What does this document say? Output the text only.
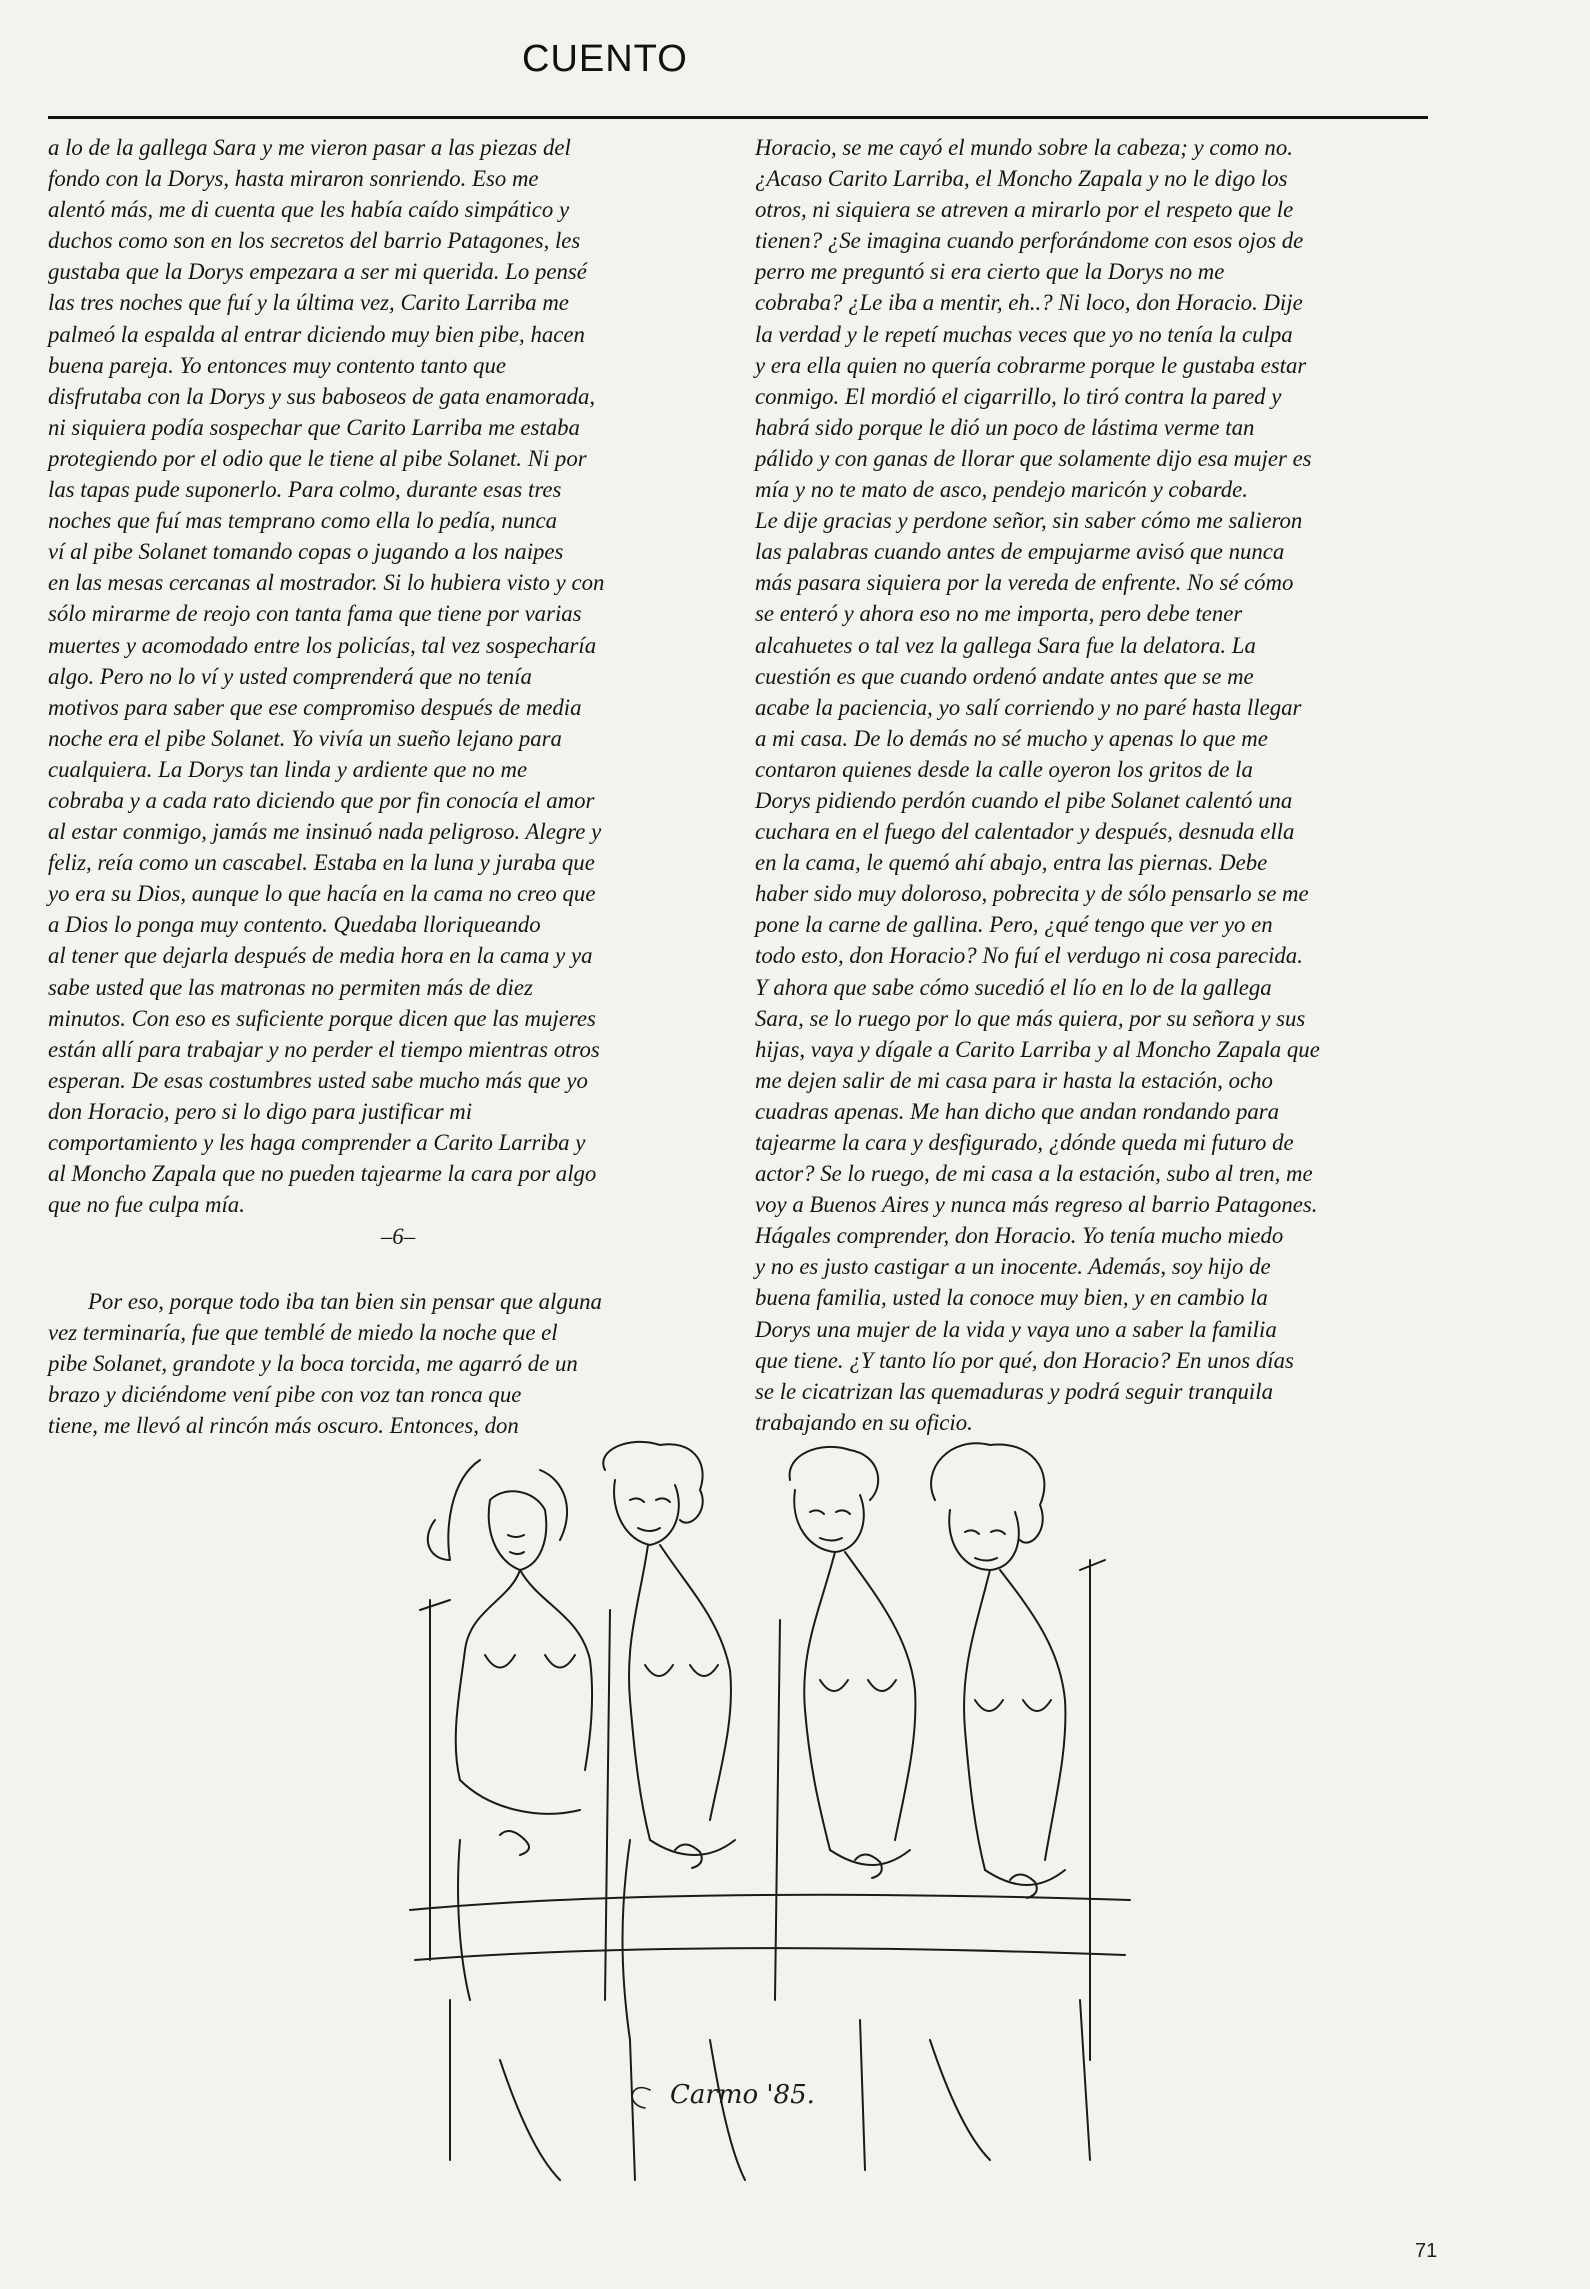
CUENTO

a lo de la gallega Sara y me vieron pasar a las piezas del
fondo con la Dorys, hasta miraron sonriendo. Eso me
alentó más, me di cuenta que les había caído simpático y
duchos como son en los secretos del barrio Patagones, les
gustaba que la Dorys empezara a ser mi querida. Lo pensé
las tres noches que fuí y la última vez, Carito Larriba me
palmeó la espalda al entrar diciendo muy bien pibe, hacen
buena pareja. Yo entonces muy contento tanto que
disfrutaba con la Dorys y sus baboseos de gata enamorada,
ni siquiera podía sospechar que Carito Larriba me estaba
protegiendo por el odio que le tiene al pibe Solanet. Ni por
las tapas pude suponerlo. Para colmo, durante esas tres
noches que fuí mas temprano como ella lo pedía, nunca
ví al pibe Solanet tomando copas o jugando a los naipes
en las mesas cercanas al mostrador. Si lo hubiera visto y con
sólo mirarme de reojo con tanta fama que tiene por varias
muertes y acomodado entre los policías, tal vez sospecharía
algo. Pero no lo ví y usted comprenderá que no tenía
motivos para saber que ese compromiso después de media
noche era el pibe Solanet. Yo vivía un sueño lejano para
cualquiera. La Dorys tan linda y ardiente que no me
cobraba y a cada rato diciendo que por fin conocía el amor
al estar conmigo, jamás me insinuó nada peligroso. Alegre y
feliz, reía como un cascabel. Estaba en la luna y juraba que
yo era su Dios, aunque lo que hacía en la cama no creo que
a Dios lo ponga muy contento. Quedaba lloriqueando
al tener que dejarla después de media hora en la cama y ya
sabe usted que las matronas no permiten más de diez
minutos. Con eso es suficiente porque dicen que las mujeres
están allí para trabajar y no perder el tiempo mientras otros
esperan. De esas costumbres usted sabe mucho más que yo
don Horacio, pero si lo digo para justificar mi
comportamiento y les haga comprender a Carito Larriba y
al Moncho Zapala que no pueden tajearme la cara por algo
que no fue culpa mía.

–6–

Por eso, porque todo iba tan bien sin pensar que alguna
vez terminaría, fue que temblé de miedo la noche que el
pibe Solanet, grandote y la boca torcida, me agarró de un
brazo y diciéndome vení pibe con voz tan ronca que
tiene, me llevó al rincón más oscuro. Entonces, don

Horacio, se me cayó el mundo sobre la cabeza; y como no.
¿Acaso Carito Larriba, el Moncho Zapala y no le digo los
otros, ni siquiera se atreven a mirarlo por el respeto que le
tienen? ¿Se imagina cuando perforándome con esos ojos de
perro me preguntó si era cierto que la Dorys no me
cobraba? ¿Le iba a mentir, eh..? Ni loco, don Horacio. Dije
la verdad y le repetí muchas veces que yo no tenía la culpa
y era ella quien no quería cobrarme porque le gustaba estar
conmigo. El mordió el cigarrillo, lo tiró contra la pared y
habrá sido porque le dió un poco de lástima verme tan
pálido y con ganas de llorar que solamente dijo esa mujer es
mía y no te mato de asco, pendejo maricón y cobarde.
Le dije gracias y perdone señor, sin saber cómo me salieron
las palabras cuando antes de empujarme avisó que nunca
más pasara siquiera por la vereda de enfrente. No sé cómo
se enteró y ahora eso no me importa, pero debe tener
alcahuetes o tal vez la gallega Sara fue la delatora. La
cuestión es que cuando ordenó andate antes que se me
acabe la paciencia, yo salí corriendo y no paré hasta llegar
a mi casa. De lo demás no sé mucho y apenas lo que me
contaron quienes desde la calle oyeron los gritos de la
Dorys pidiendo perdón cuando el pibe Solanet calentó una
cuchara en el fuego del calentador y después, desnuda ella
en la cama, le quemó ahí abajo, entra las piernas. Debe
haber sido muy doloroso, pobrecita y de sólo pensarlo se me
pone la carne de gallina. Pero, ¿qué tengo que ver yo en
todo esto, don Horacio? No fuí el verdugo ni cosa parecida.
Y ahora que sabe cómo sucedió el lío en lo de la gallega
Sara, se lo ruego por lo que más quiera, por su señora y sus
hijas, vaya y dígale a Carito Larriba y al Moncho Zapala que
me dejen salir de mi casa para ir hasta la estación, ocho
cuadras apenas. Me han dicho que andan rondando para
tajearme la cara y desfigurado, ¿dónde queda mi futuro de
actor? Se lo ruego, de mi casa a la estación, subo al tren, me
voy a Buenos Aires y nunca más regreso al barrio Patagones.
Hágales comprender, don Horacio. Yo tenía mucho miedo
y no es justo castigar a un inocente. Además, soy hijo de
buena familia, usted la conoce muy bien, y en cambio la
Dorys una mujer de la vida y vaya uno a saber la familia
que tiene. ¿Y tanto lío por qué, don Horacio? En unos días
se le cicatrizan las quemaduras y podrá seguir tranquila
trabajando en su oficio.

Carmo '85.

71
